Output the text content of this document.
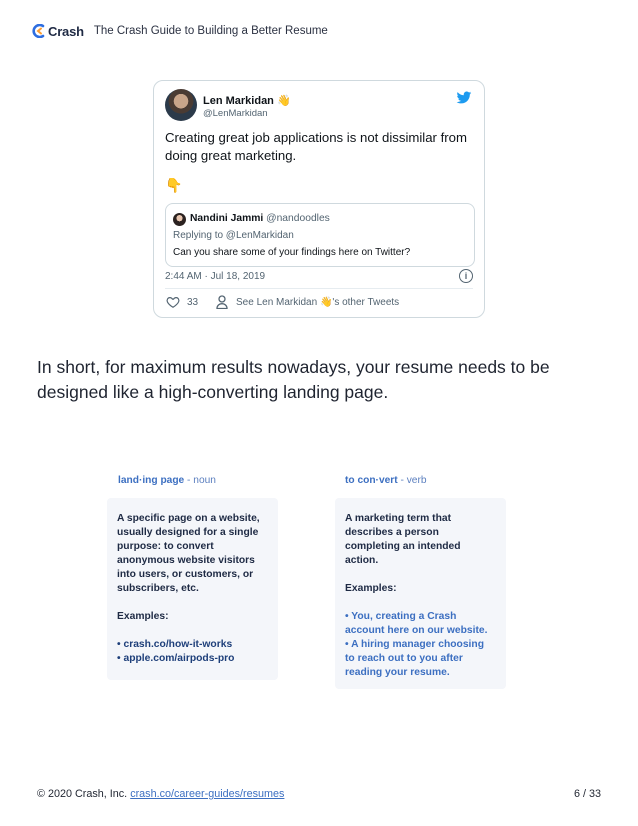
Crash The Crash Guide to Building a Better Resume
Len Markidan 👋
@LenMarkidan
Creating great job applications is not dissimilar from doing great marketing.
👇
Nandini Jammi @nandoodles
Replying to @LenMarkidan
Can you share some of your findings here on Twitter?
2:44 AM · Jul 18, 2019	i
33	See Len Markidan 👋's other Tweets

In short, for maximum results nowadays, your resume needs to be designed like a high-converting landing page.

land·ing page - noun

A specific page on a website, usually designed for a single purpose: to convert anonymous website visitors into users, or customers, or subscribers, etc.

Examples:

• crash.co/how-it-works

• apple.com/airpods-pro

to con·vert - verb

A marketing term that describes a person completing an intended action.

Examples:

• You, creating a Crash account here on our website.

• A hiring manager choosing to reach out to you after reading your resume.

© 2020 Crash, Inc. crash.co/career-guides/resumes	6 / 33
